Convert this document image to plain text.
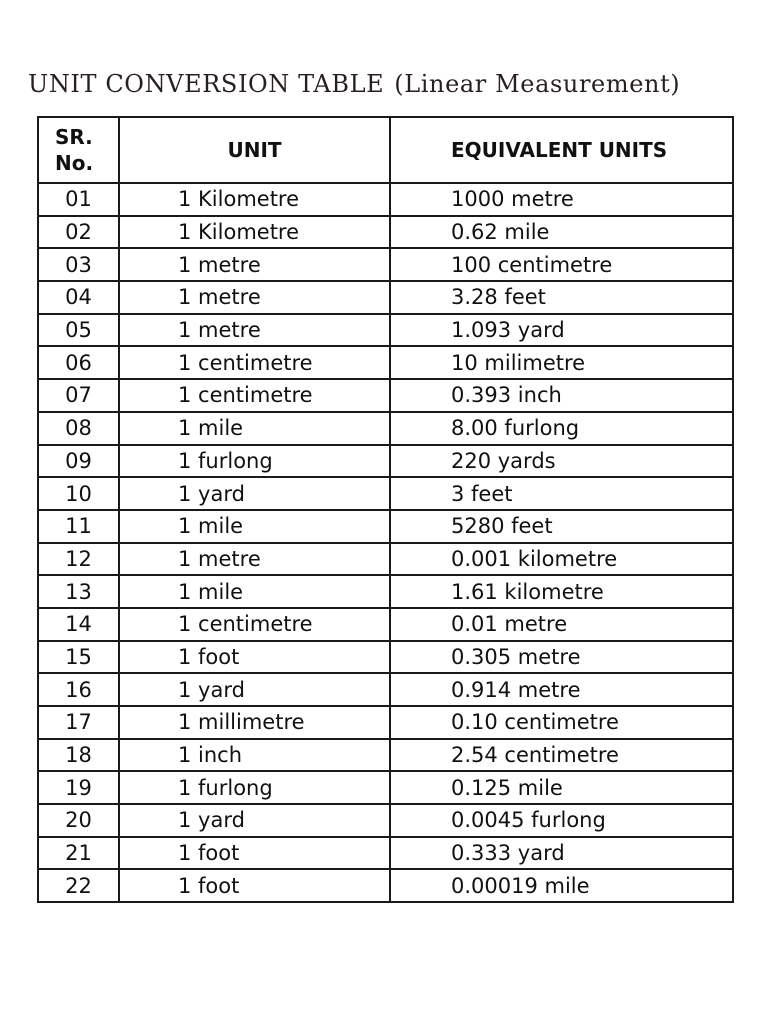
UNIT CONVERSION TABLE (Linear Measurement)
SR.
No.	UNIT	EQUIVALENT UNITS
01	1 Kilometre	1000 metre
02	1 Kilometre	0.62 mile
03	1 metre	100 centimetre
04	1 metre	3.28 feet
05	1 metre	1.093 yard
06	1 centimetre	10 milimetre
07	1 centimetre	0.393 inch
08	1 mile	8.00 furlong
09	1 furlong	220 yards
10	1 yard	3 feet
11	1 mile	5280 feet
12	1 metre	0.001 kilometre
13	1 mile	1.61 kilometre
14	1 centimetre	0.01 metre
15	1 foot	0.305 metre
16	1 yard	0.914 metre
17	1 millimetre	0.10 centimetre
18	1 inch	2.54 centimetre
19	1 furlong	0.125 mile
20	1 yard	0.0045 furlong
21	1 foot	0.333 yard
22	1 foot	0.00019 mile
